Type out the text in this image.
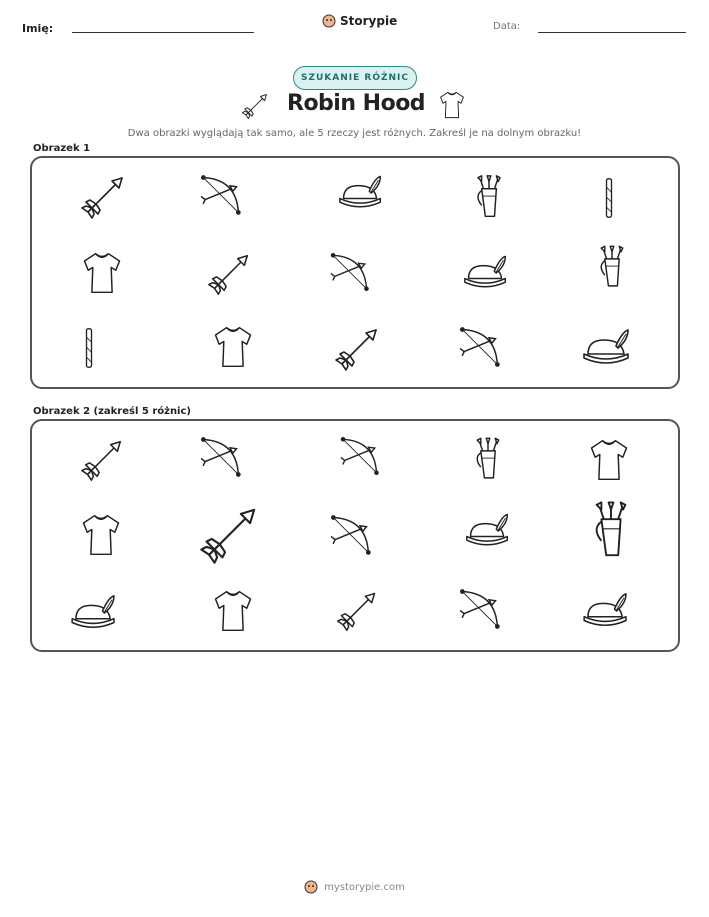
Imię:
Storypie	Data:
SZUKANIE RÓŻNIC
Robin Hood
Dwa obrazki wyglądają tak samo, ale 5 rzeczy jest różnych. Zakreśl je na dolnym obrazku!
Obrazek 1
Obrazek 2 (zakreśl 5 różnic)
mystorypie.com
